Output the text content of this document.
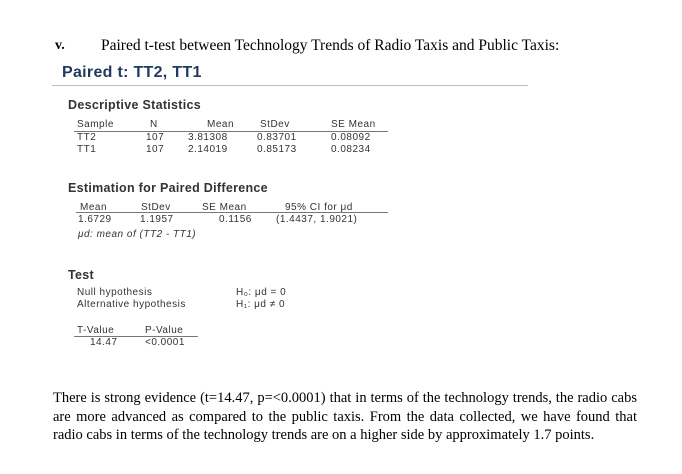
v. Paired t-test between Technology Trends of Radio Taxis and Public Taxis:
Paired t: TT2, TT1
Descriptive Statistics
Sample	N	Mean	StDev	SE Mean
TT2	107 3.81308	0.83701	0.08092
TT1	107 2.14019	0.85173	0.08234
Estimation for Paired Difference
Mean	StDev	SE Mean	95% CI for μd
1.6729	1.1957	0.1156 (1.4437, 1.9021)
μd: mean of (TT2 - TT1)
Test
Null hypothesis	H₀: μd = 0
Alternative hypothesis	H₁: μd ≠ 0
T-Value	P-Value
14.47	<0.0001
There is strong evidence (t=14.47, p=<0.0001) that in terms of the technology trends, the radio cabs are more advanced as compared to the public taxis. From the data collected, we have found that radio cabs in terms of the technology trends are on a higher side by approximately 1.7 points.
